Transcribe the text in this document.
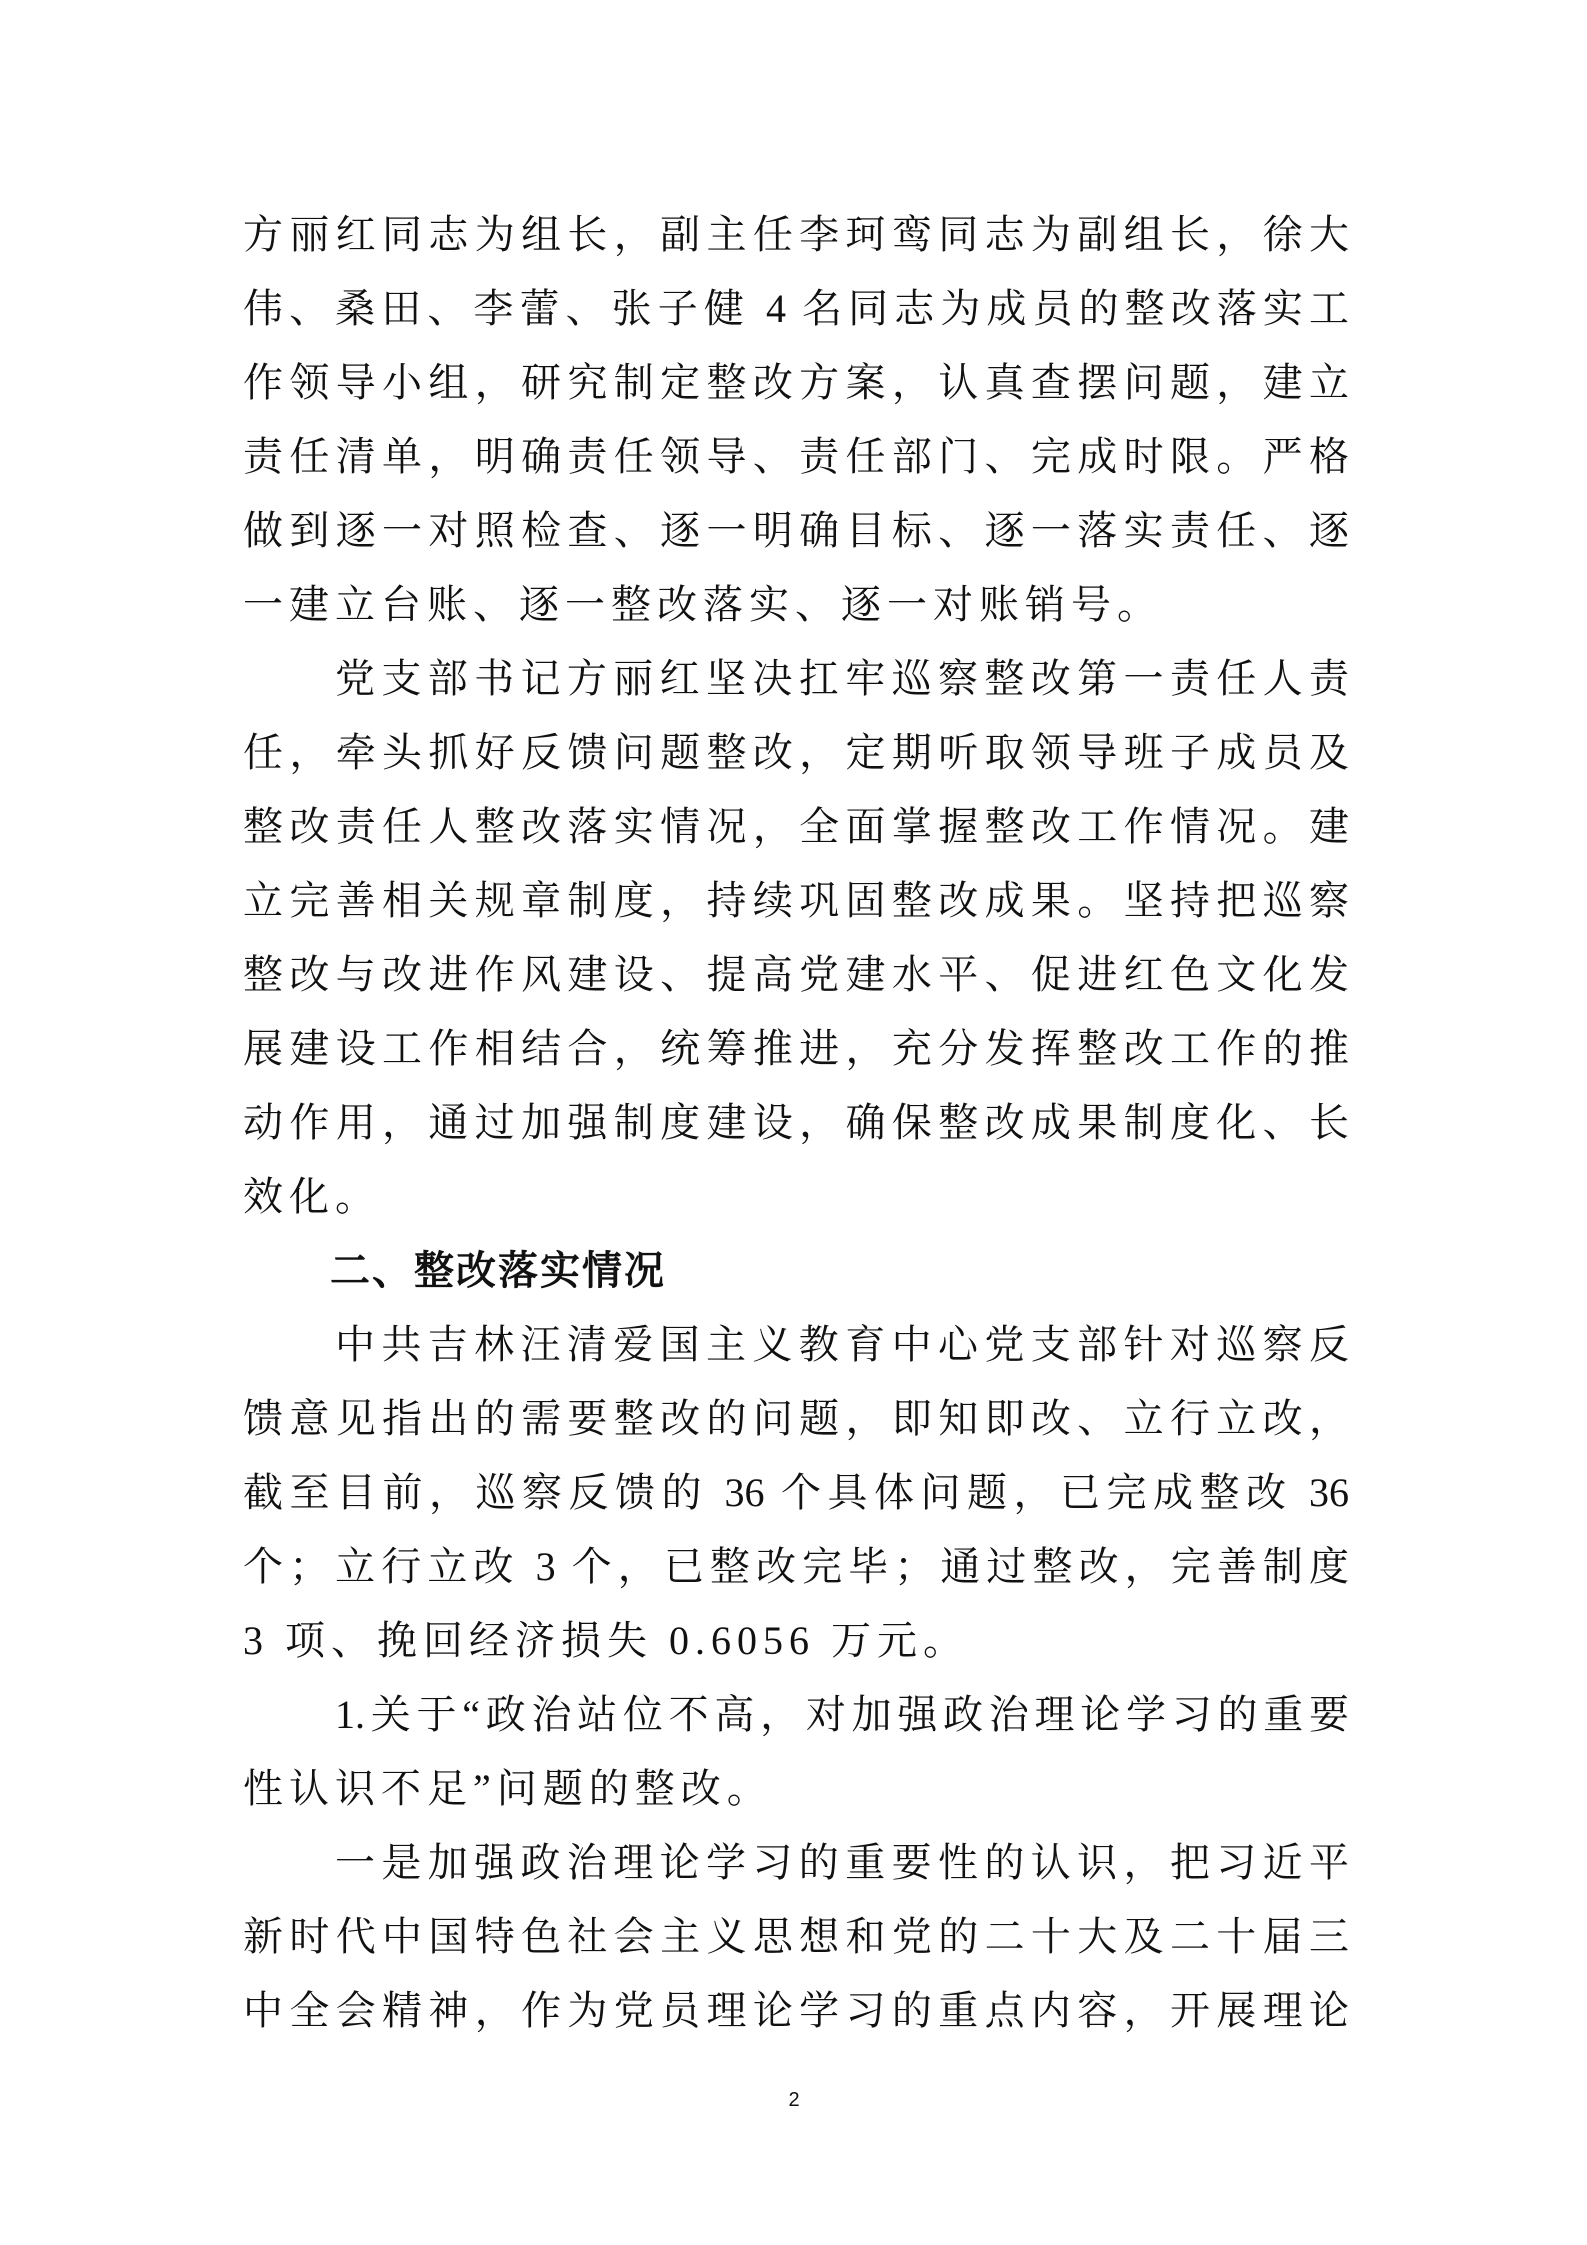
方丽红同志为组长，副主任李珂鸾同志为副组长，徐大
伟、桑田、李蕾、张子健 4 名同志为成员的整改落实工
作领导小组，研究制定整改方案，认真查摆问题，建立
责任清单，明确责任领导、责任部门、完成时限。严格
做到逐一对照检查、逐一明确目标、逐一落实责任、逐
一建立台账、逐一整改落实、逐一对账销号。
党支部书记方丽红坚决扛牢巡察整改第一责任人责
任，牵头抓好反馈问题整改，定期听取领导班子成员及
整改责任人整改落实情况，全面掌握整改工作情况。建
立完善相关规章制度，持续巩固整改成果。坚持把巡察
整改与改进作风建设、提高党建水平、促进红色文化发
展建设工作相结合，统筹推进，充分发挥整改工作的推
动作用，通过加强制度建设，确保整改成果制度化、长
效化。
二、整改落实情况
中共吉林汪清爱国主义教育中心党支部针对巡察反
馈意见指出的需要整改的问题，即知即改、立行立改，
截至目前，巡察反馈的 36 个具体问题，已完成整改 36
个；立行立改 3 个，已整改完毕；通过整改，完善制度
3 项、挽回经济损失 0.6056 万元。
1.关于“政治站位不高，对加强政治理论学习的重要
性认识不足”问题的整改。
一是加强政治理论学习的重要性的认识，把习近平
新时代中国特色社会主义思想和党的二十大及二十届三
中全会精神，作为党员理论学习的重点内容，开展理论
2
